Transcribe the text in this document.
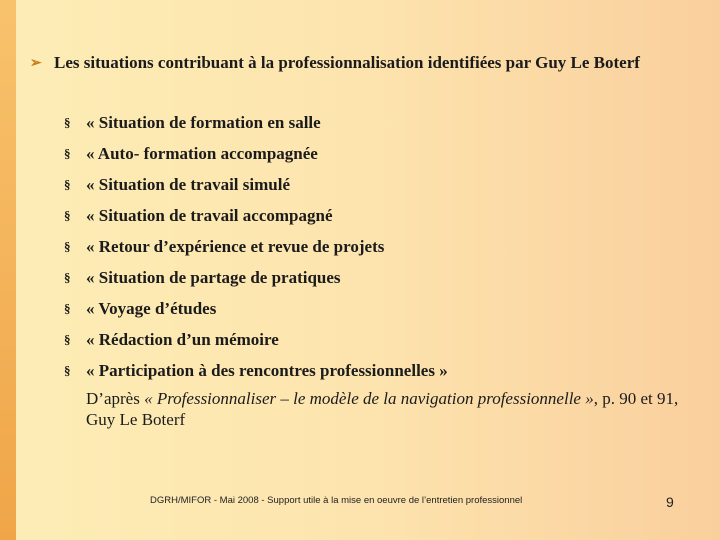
➢ Les situations contribuant à la professionnalisation identifiées par Guy Le Boterf
§ « Situation de formation en salle
§ « Auto- formation accompagnée
§ « Situation de travail simulé
§ « Situation de travail accompagné
§ « Retour d’expérience et revue de projets
§ « Situation de partage de pratiques
§ « Voyage d’études
§ « Rédaction d’un mémoire
§ « Participation à des rencontres professionnelles »
D’après « Professionnaliser – le modèle de la navigation professionnelle », p. 90 et 91, Guy Le Boterf
DGRH/MIFOR - Mai 2008 - Support utile à la mise en oeuvre de l’entretien professionnel	9
